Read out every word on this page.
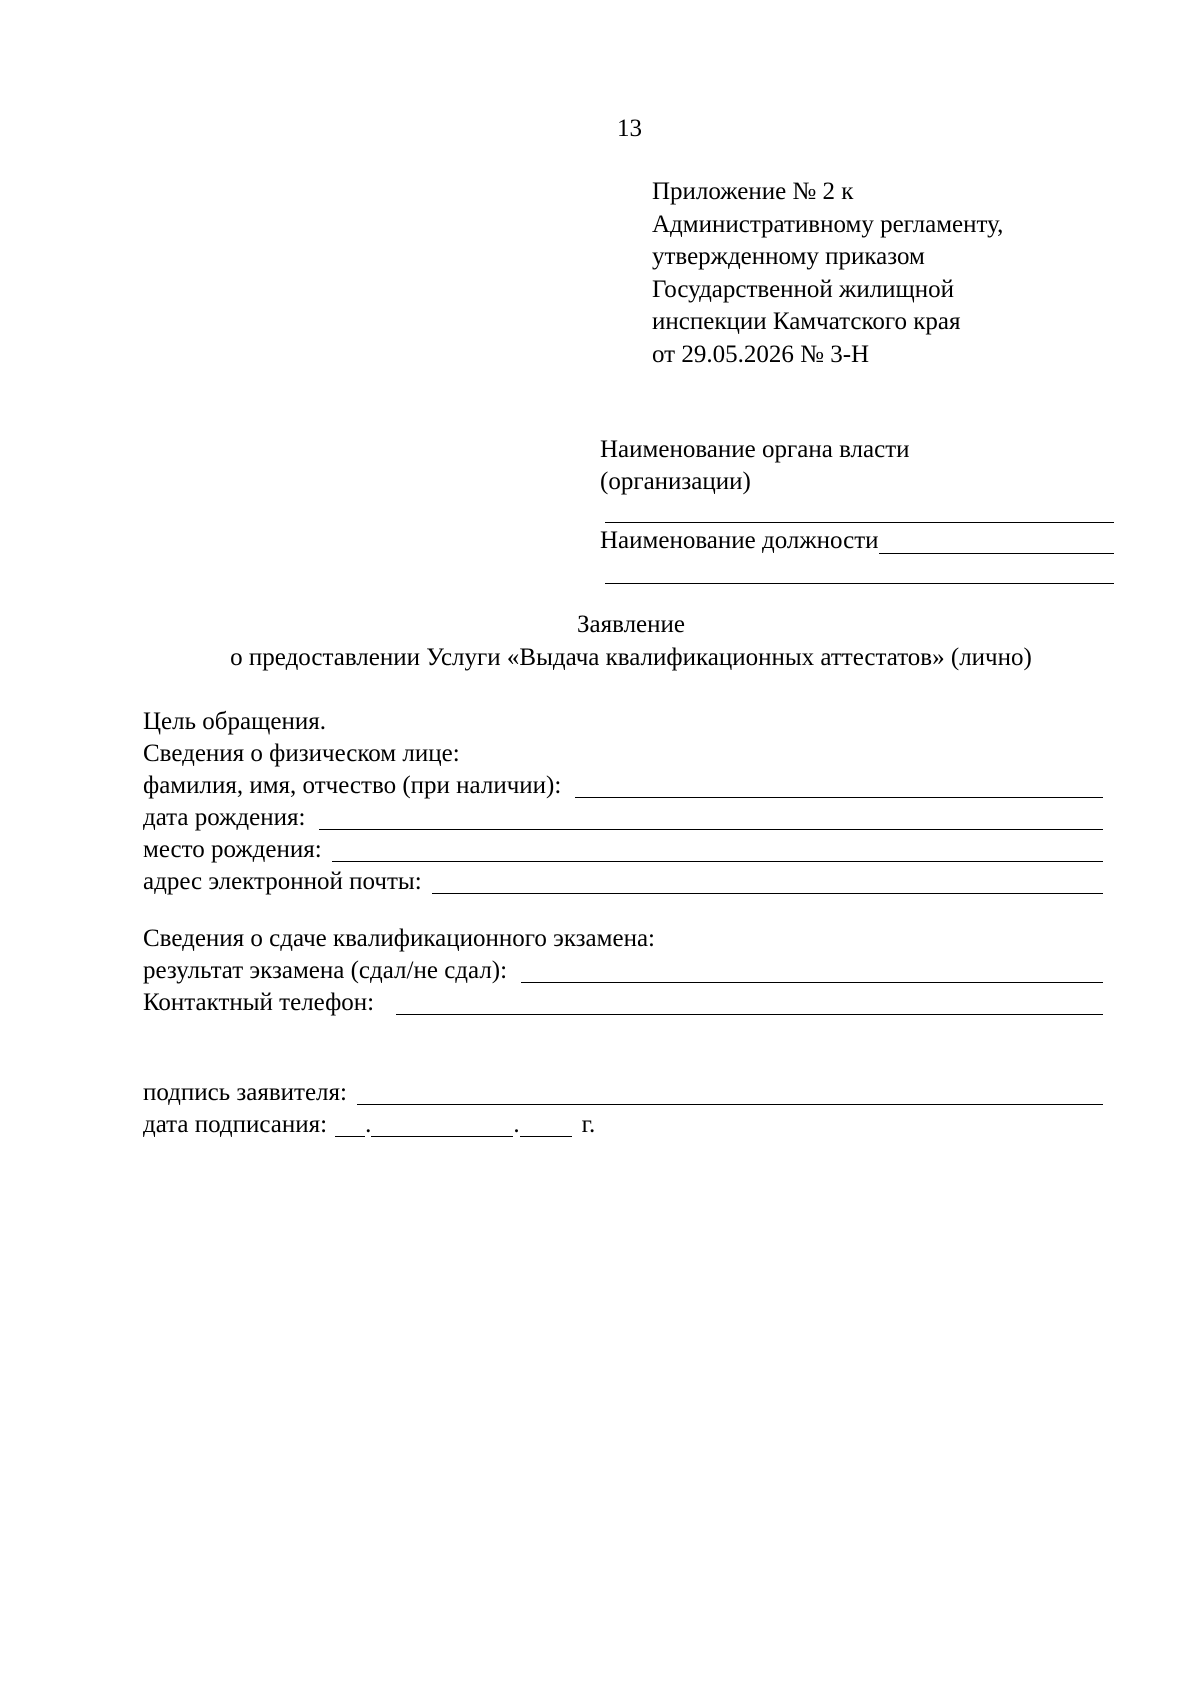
13
Приложение № 2 к
Административному регламенту,
утвержденному приказом
Государственной жилищной
инспекции Камчатского края
от 29.05.2026 № 3-Н
Наименование органа власти
(организации)
Наименование должности
Заявление
о предоставлении Услуги «Выдача квалификационных аттестатов» (лично)
Цель обращения.
Сведения о физическом лице:
фамилия, имя, отчество (при наличии):
дата рождения:
место рождения:
адрес электронной почты:
Сведения о сдаче квалификационного экзамена:
результат экзамена (сдал/не сдал):
Контактный телефон:
подпись заявителя:
дата подписания: .	. г.
